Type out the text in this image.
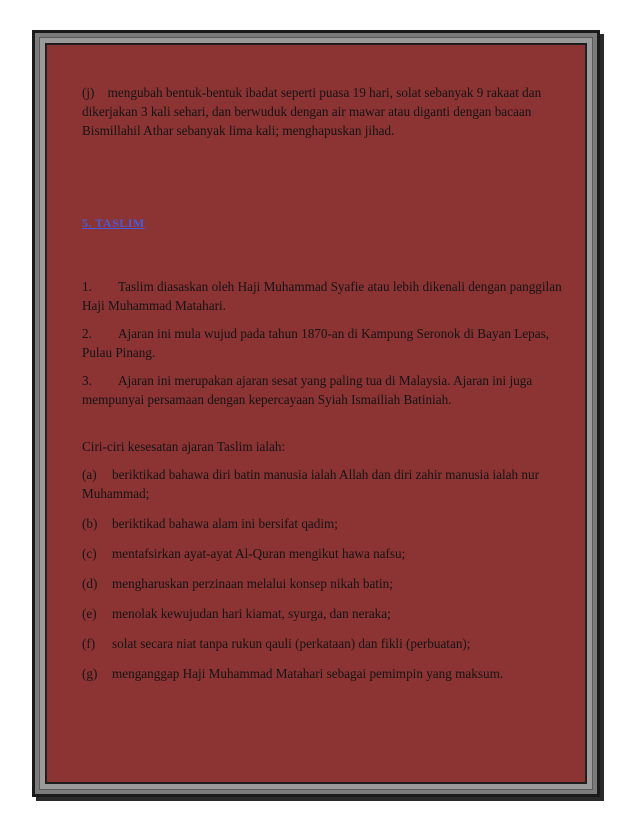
(j) mengubah bentuk-bentuk ibadat seperti puasa 19 hari, solat sebanyak 9 rakaat dan dikerjakan 3 kali sehari, dan berwuduk dengan air mawar atau diganti dengan bacaan Bismillahil Athar sebanyak lima kali; menghapuskan jihad.

5. TASLIM

1. Taslim diasaskan oleh Haji Muhammad Syafie atau lebih dikenali dengan panggilan Haji Muhammad Matahari.

2. Ajaran ini mula wujud pada tahun 1870-an di Kampung Seronok di Bayan Lepas, Pulau Pinang.

3. Ajaran ini merupakan ajaran sesat yang paling tua di Malaysia. Ajaran ini juga mempunyai persamaan dengan kepercayaan Syiah Ismailiah Batiniah.

Ciri-ciri kesesatan ajaran Taslim ialah:

(a) beriktikad bahawa diri batin manusia ialah Allah dan diri zahir manusia ialah nur Muhammad;

(b) beriktikad bahawa alam ini bersifat qadim;

(c) mentafsirkan ayat-ayat Al-Quran mengikut hawa nafsu;

(d) mengharuskan perzinaan melalui konsep nikah batin;

(e) menolak kewujudan hari kiamat, syurga, dan neraka;

(f) solat secara niat tanpa rukun qauli (perkataan) dan fikli (perbuatan);

(g) menganggap Haji Muhammad Matahari sebagai pemimpin yang maksum.
